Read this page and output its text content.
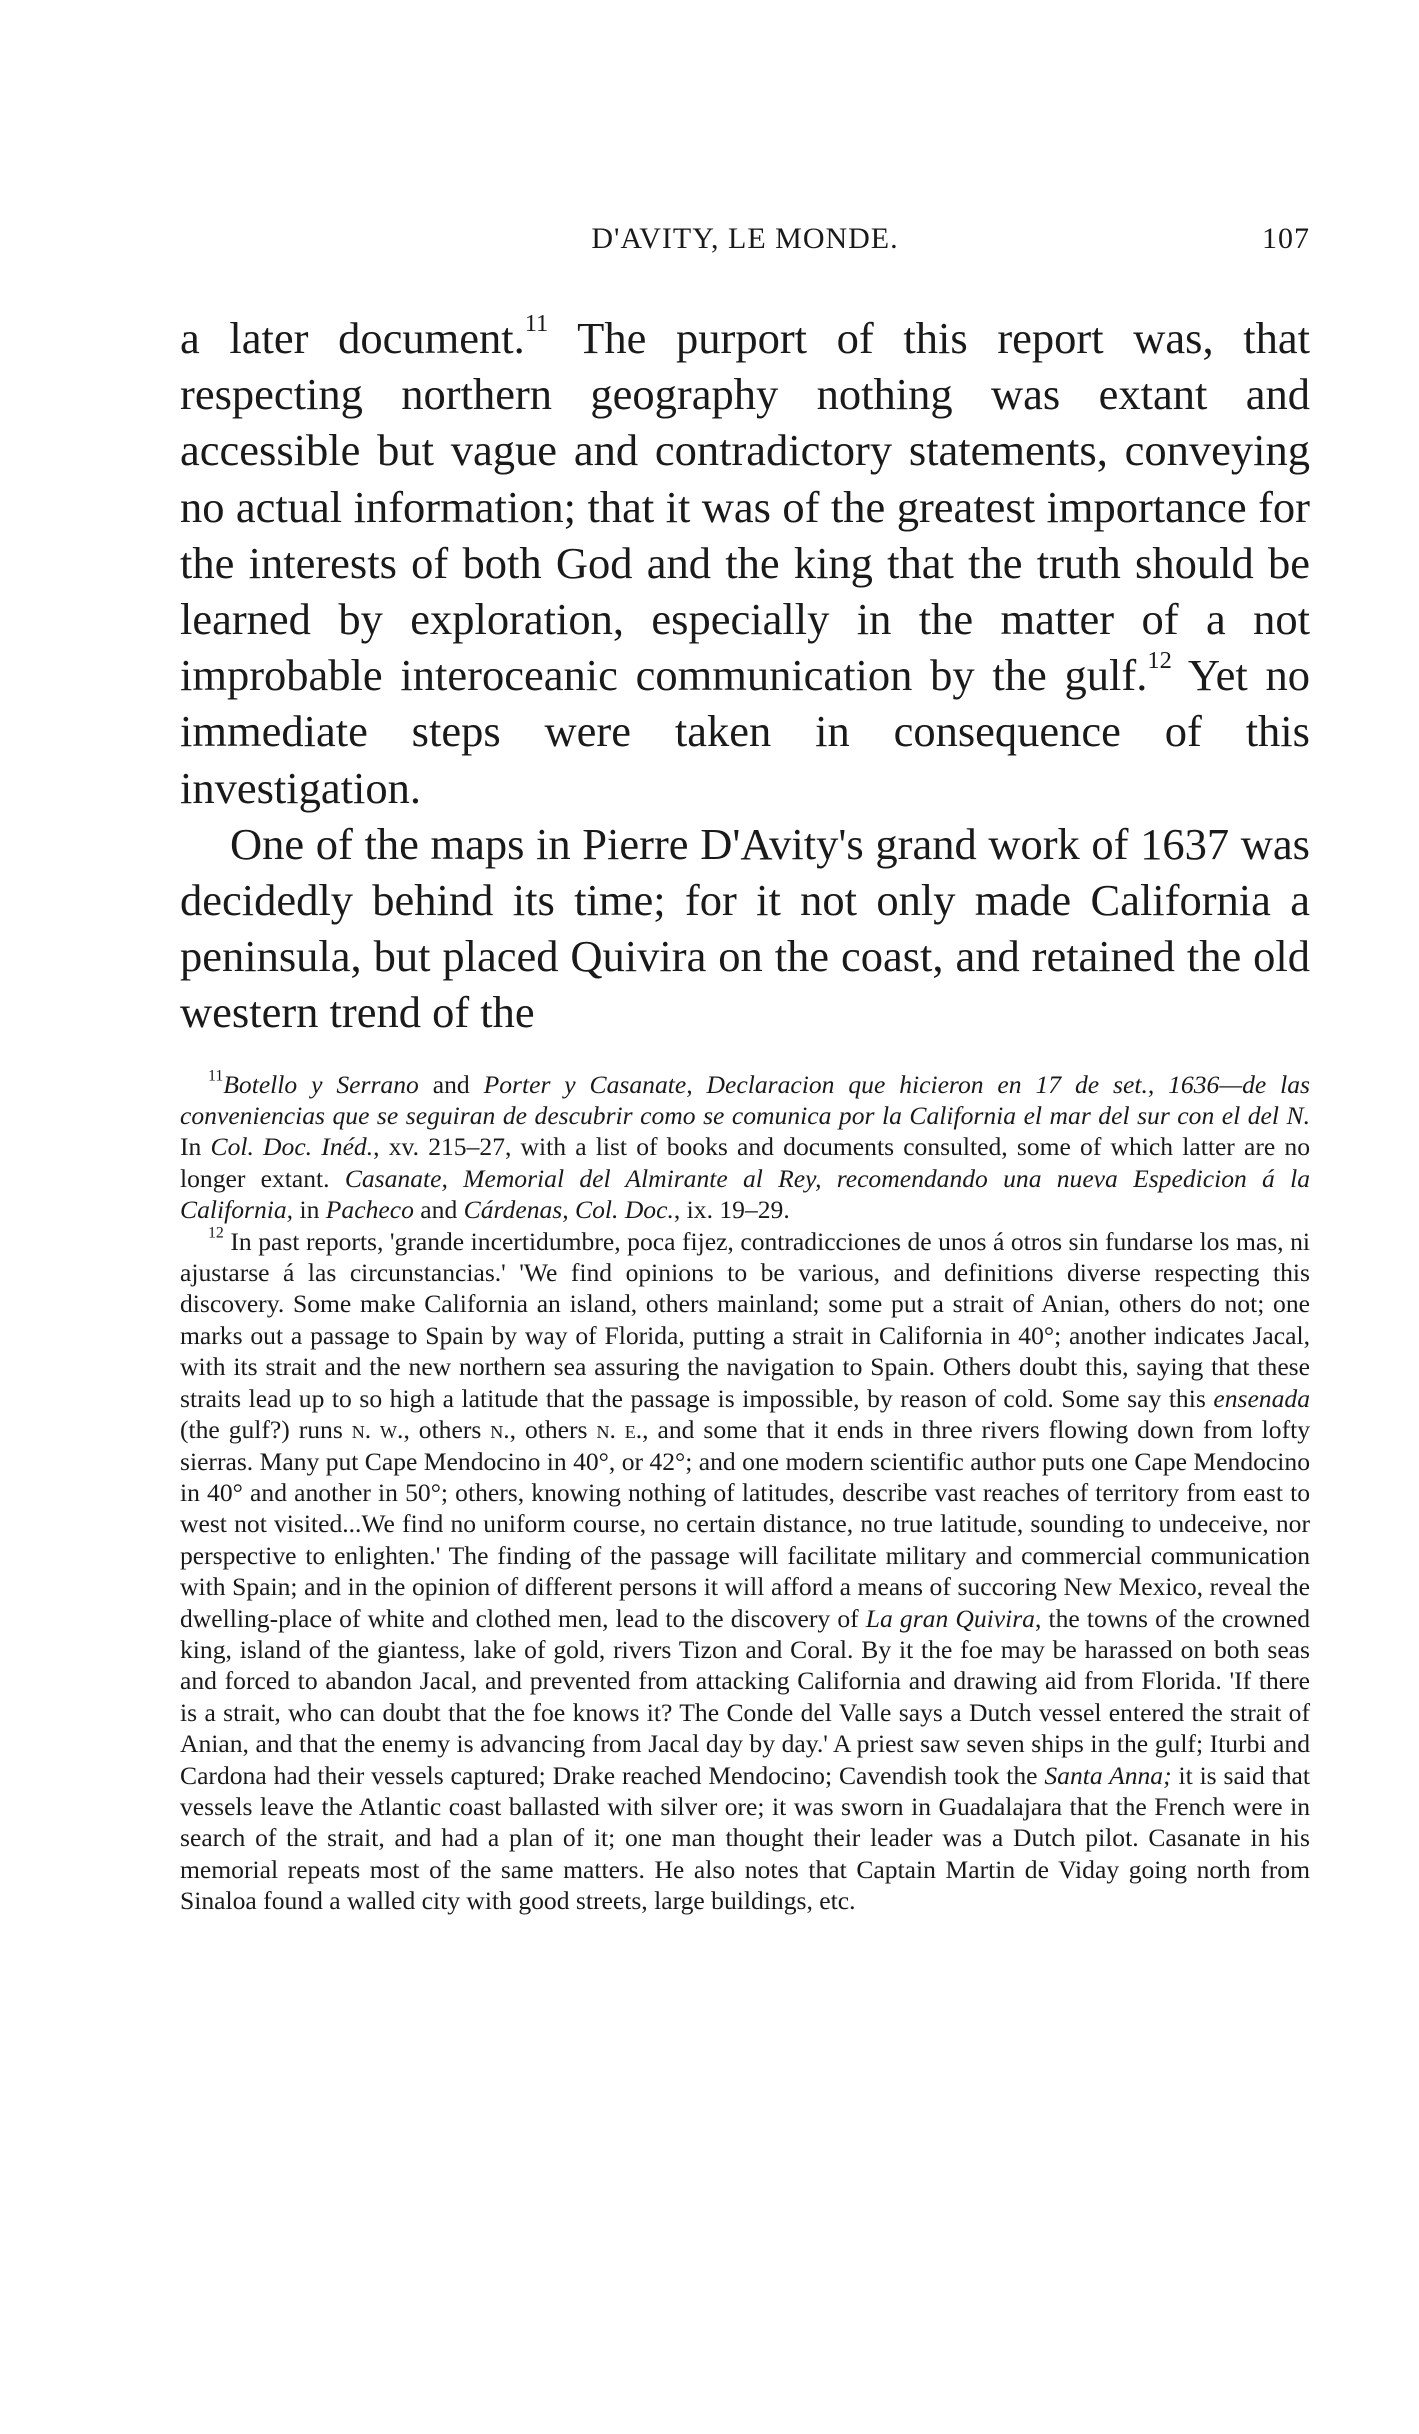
D'AVITY, LE MONDE.	107

a later document.$^{11}$ The purport of this report was, that respecting northern geography nothing was extant and accessible but vague and contradictory statements, conveying no actual information; that it was of the greatest importance for the interests of both God and the king that the truth should be learned by exploration, especially in the matter of a not improbable interoceanic communication by the gulf.$^{12}$ Yet no immediate steps were taken in consequence of this investigation.

One of the maps in Pierre D'Avity's grand work of 1637 was decidedly behind its time; for it not only made California a peninsula, but placed Quivira on the coast, and retained the old western trend of the

$^{11}$Botello y Serrano and Porter y Casanate, Declaracion que hicieron en 17 de set., 1636—de las conveniencias que se seguiran de descubrir como se comunica por la California el mar del sur con el del N. In Col. Doc. Inéd., xv. 215–27, with a list of books and documents consulted, some of which latter are no longer extant. Casanate, Memorial del Almirante al Rey, recomendando una nueva Espedicion á la California, in Pacheco and Cárdenas, Col. Doc., ix. 19–29.

$^{12}$ In past reports, 'grande incertidumbre, poca fijez, contradicciones de unos á otros sin fundarse los mas, ni ajustarse á las circunstancias.' 'We find opinions to be various, and definitions diverse respecting this discovery. Some make California an island, others mainland; some put a strait of Anian, others do not; one marks out a passage to Spain by way of Florida, putting a strait in California in 40°; another indicates Jacal, with its strait and the new northern sea assuring the navigation to Spain. Others doubt this, saying that these straits lead up to so high a latitude that the passage is impossible, by reason of cold. Some say this ensenada (the gulf?) runs n. w., others n., others n. e., and some that it ends in three rivers flowing down from lofty sierras. Many put Cape Mendocino in 40°, or 42°; and one modern scientific author puts one Cape Mendocino in 40° and another in 50°; others, knowing nothing of latitudes, describe vast reaches of territory from east to west not visited...We find no uniform course, no certain distance, no true latitude, sounding to undeceive, nor perspective to enlighten.' The finding of the passage will facilitate military and commercial communication with Spain; and in the opinion of different persons it will afford a means of succoring New Mexico, reveal the dwelling-place of white and clothed men, lead to the discovery of La gran Quivira, the towns of the crowned king, island of the giantess, lake of gold, rivers Tizon and Coral. By it the foe may be harassed on both seas and forced to abandon Jacal, and prevented from attacking California and drawing aid from Florida. 'If there is a strait, who can doubt that the foe knows it? The Conde del Valle says a Dutch vessel entered the strait of Anian, and that the enemy is advancing from Jacal day by day.' A priest saw seven ships in the gulf; Iturbi and Cardona had their vessels captured; Drake reached Mendocino; Cavendish took the Santa Anna; it is said that vessels leave the Atlantic coast ballasted with silver ore; it was sworn in Guadalajara that the French were in search of the strait, and had a plan of it; one man thought their leader was a Dutch pilot. Casanate in his memorial repeats most of the same matters. He also notes that Captain Martin de Viday going north from Sinaloa found a walled city with good streets, large buildings, etc.
